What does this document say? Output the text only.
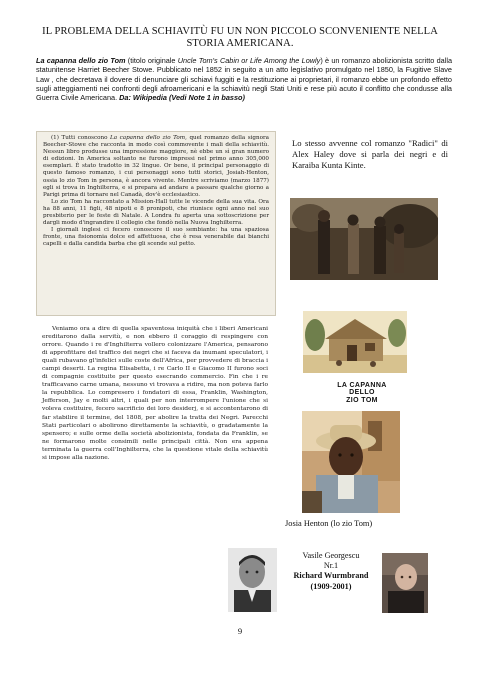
IL PROBLEMA DELLA SCHIAVITÙ FU UN NON PICCOLO SCONVENIENTE NELLA
STORIA AMERICANA.
La capanna dello zio Tom (titolo originale Uncle Tom's Cabin or Life Among the Lowly) è un romanzo abolizionista scritto dalla statunitense Harriet Beecher Stowe. Pubblicato nel 1852 in seguito a un atto legislativo promulgato nel 1850, la Fugitive Slave Law , che decretava il dovere di denunciare gli schiavi fuggiti e la restituzione ai proprietari, il romanzo ebbe un profondo effetto sugli atteggiamenti nei confronti degli afroamericani e la schiavitù negli Stati Uniti e rese più acuto il conflitto che condusse alla Guerra Civile Americana. Da: Wikipedia (Vedi Note 1 in basso)

(1) Tutti conoscono La capanna dello zio Tom, quel romanzo della signora Beecher-Stowe che racconta in modo così commovente i mali della schiavitù. Nessun libro produsse una impressione maggiore, nè ebbe un sì gran numero di edizioni. In America soltanto ne furono impressi nel primo anno 305,000 esemplari. È stato tradotto in 32 lingue. Or bene, il principal personaggio di questo famoso romanzo, i cui personaggi sono tutti storici, Josiah-Henton, ossia lo zio Tom in persona, è ancora vivente. Mentre scriviamo (marzo 1877) egli si trova in Inghilterra, e si prepara ad andare a passare qualche giorno a Parigi prima di tornare nel Canadà, dov'è ecclesiastico.

Lo zio Tom ha raccontato a Mission-Hall tutte le vicende della sua vita. Ora ha 88 anni, 11 figli, 48 nipoti e 8 pronipoti, che riunisce ogni anno nel suo presbiterio per le feste di Natale. A Londra fu aperta una sottoscrizione per dargli modo d'ingrandire il collegio che fondò nella Nuova Inghilterra.

I giornali inglesi ci fecero conoscere il suo sembiante: ha una spaziosa fronte, una fisionomia dolce ed affettuosa, che è resa venerabile dai bianchi capelli e dalla candida barba che gli scende sul petto.

Veniamo ora a dire di quella spaventosa iniquità che i liberi Americani ereditarono dalla servitù, e non ebbero il coraggio di respingere con orrore. Quando i re d'Inghilterra vollero colonizzare l'America, pensarono di approfittare del traffico dei negri che si faceva da inumani speculatori, i quali rubavano gl'infelici sulle coste dell'Africa, per provvedere di braccia i campi deserti. La regina Elisabetta, i re Carlo II e Giacomo II furono soci di compagnie costituite per questo esecrando commercio. Fin che i re trafficavano carne umana, nessuno vi trovava a ridire, ma non poteva farlo la repubblica. Lo compresero i fondatori di essa, Franklin, Washington, Jefferson, Jay e molti altri, i quali per non interrompere l'unione che si voleva costituire, fecero sacrificio dei loro desiderj, e si accontentarono di far stabilire il termine, del 1808, per abolire la tratta dei Negri. Parecchi Stati particolari o abolirono direttamente la schiavitù, o gradatamente la spensero; e sulle orme della società abolizionista, fondata da Franklin, se ne formarono molte consimili nelle principali città. Non era appena terminata la guerra coll'Inghilterra, che la questione vitale della schiavitù si impose alla nazione.

Lo stesso avvenne col romanzo "Radici" di Alex Haley dove si parla dei negri e di Karaiba Kunta Kinte.
LA CAPANNA
DELLO
ZIO TOM
Josia Henton (lo zio Tom)
Vasile Georgescu
Nr.1
Richard Wurmbrand
(1909-2001)
9
